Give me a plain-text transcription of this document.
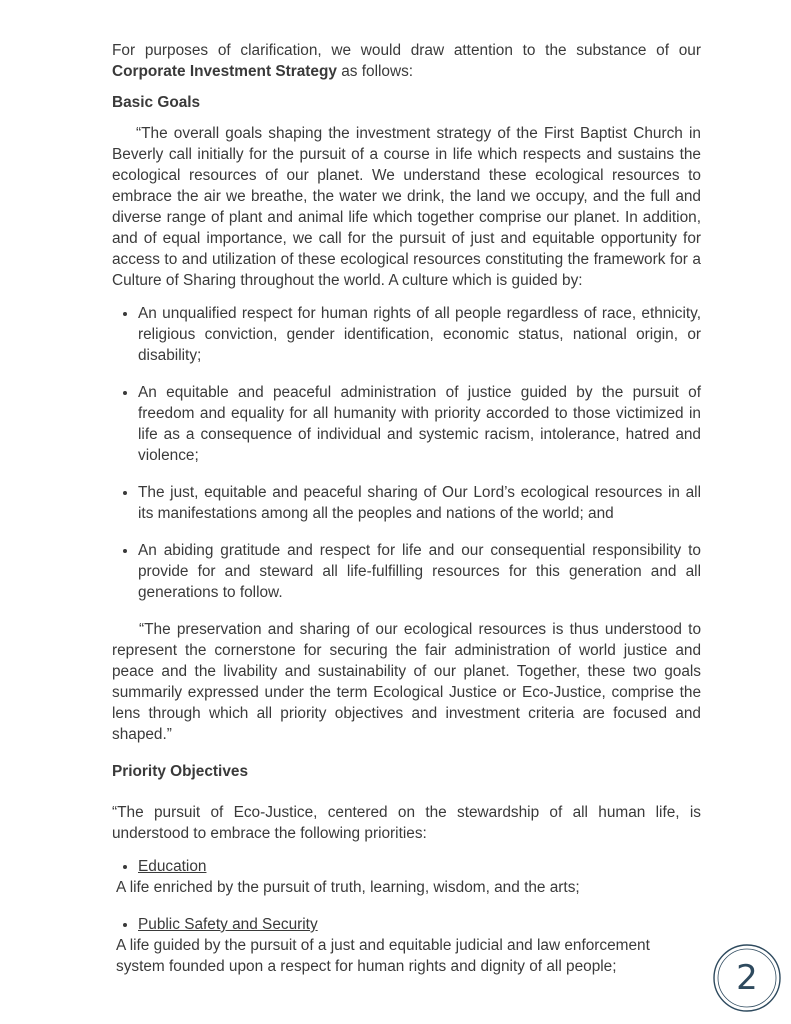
For purposes of clarification, we would draw attention to the substance of our Corporate Investment Strategy as follows:

Basic Goals

“The overall goals shaping the investment strategy of the First Baptist Church in Beverly call initially for the pursuit of a course in life which respects and sustains the ecological resources of our planet. We understand these ecological resources to embrace the air we breathe, the water we drink, the land we occupy, and the full and diverse range of plant and animal life which together comprise our planet. In addition, and of equal importance, we call for the pursuit of just and equitable opportunity for access to and utilization of these ecological resources constituting the framework for a Culture of Sharing throughout the world. A culture which is guided by:

• An unqualified respect for human rights of all people regardless of race, ethnicity, religious conviction, gender identification, economic status, national origin, or disability;
• An equitable and peaceful administration of justice guided by the pursuit of freedom and equality for all humanity with priority accorded to those victimized in life as a consequence of individual and systemic racism, intolerance, hatred and violence;
• The just, equitable and peaceful sharing of Our Lord’s ecological resources in all its manifestations among all the peoples and nations of the world; and
• An abiding gratitude and respect for life and our consequential responsibility to provide for and steward all life-fulfilling resources for this generation and all generations to follow.

“The preservation and sharing of our ecological resources is thus understood to represent the cornerstone for securing the fair administration of world justice and peace and the livability and sustainability of our planet. Together, these two goals summarily expressed under the term Ecological Justice or Eco-Justice, comprise the lens through which all priority objectives and investment criteria are focused and shaped.”

Priority Objectives

“The pursuit of Eco-Justice, centered on the stewardship of all human life, is understood to embrace the following priorities:

• Education

A life enriched by the pursuit of truth, learning, wisdom, and the arts;

• Public Safety and Security

A life guided by the pursuit of a just and equitable judicial and law enforcement system founded upon a respect for human rights and dignity of all people;	2
